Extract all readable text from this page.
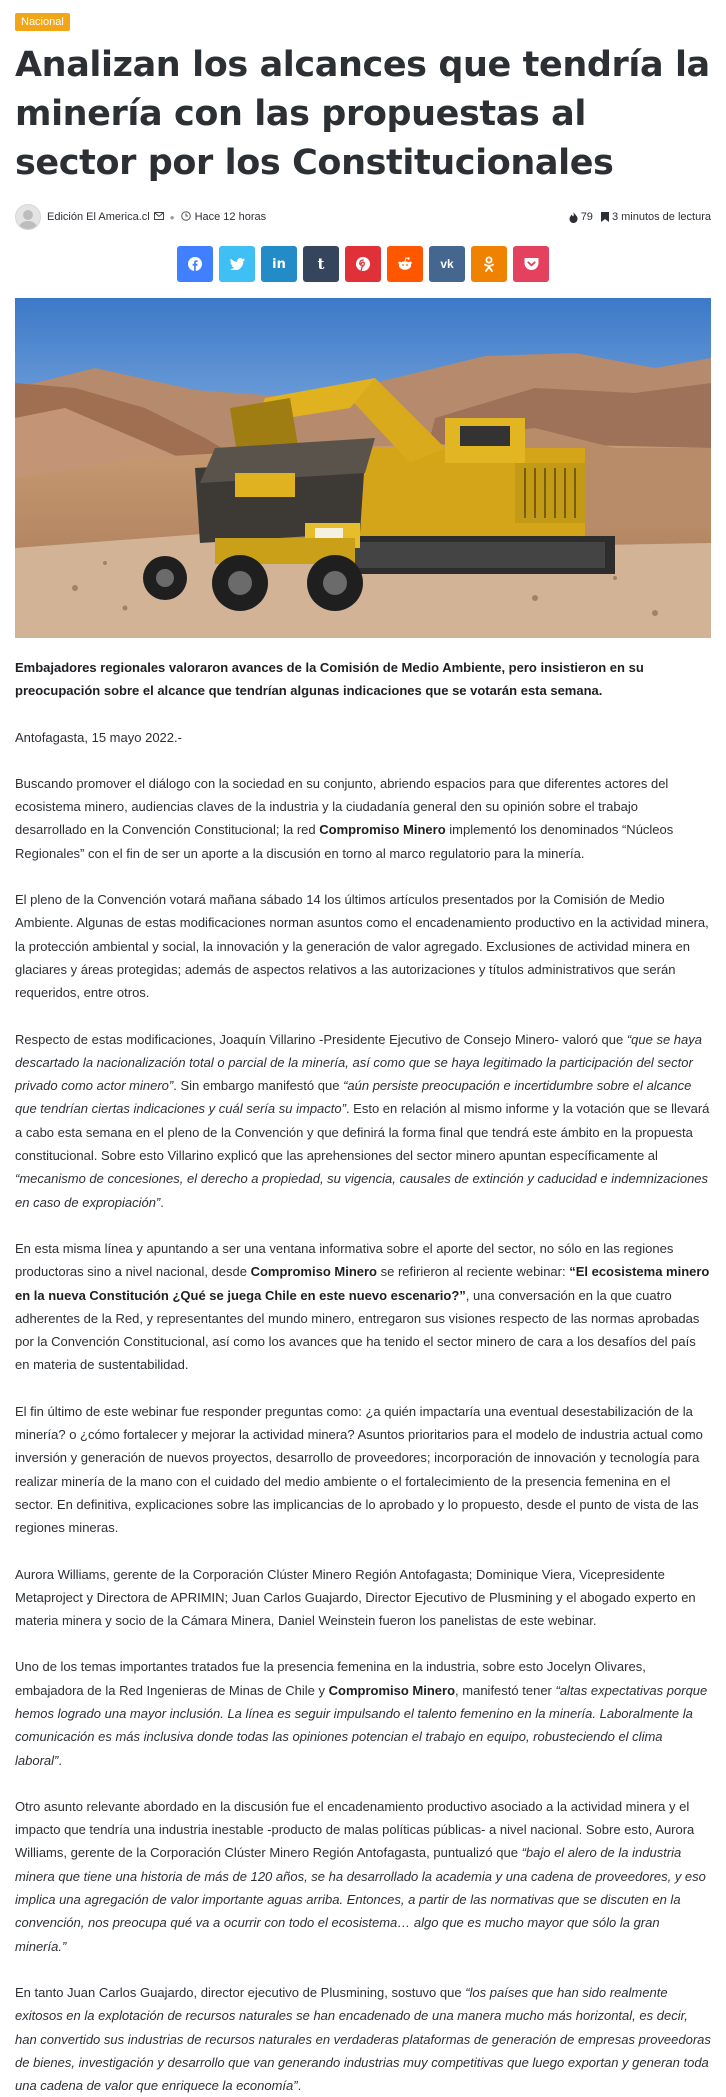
Nacional
Analizan los alcances que tendría la minería con las propuestas al sector por los Constitucionales
Edición El America.cl	● Hace 12 horas	79 3 minutos de lectura
in t	vk

Embajadores regionales valoraron avances de la Comisión de Medio Ambiente, pero insistieron en su preocupación sobre el alcance que tendrían algunas indicaciones que se votarán esta semana.

Antofagasta, 15 mayo 2022.-

Buscando promover el diálogo con la sociedad en su conjunto, abriendo espacios para que diferentes actores del ecosistema minero, audiencias claves de la industria y la ciudadanía general den su opinión sobre el trabajo desarrollado en la Convención Constitucional; la red Compromiso Minero implementó los denominados “Núcleos Regionales” con el fin de ser un aporte a la discusión en torno al marco regulatorio para la minería.

El pleno de la Convención votará mañana sábado 14 los últimos artículos presentados por la Comisión de Medio Ambiente. Algunas de estas modificaciones norman asuntos como el encadenamiento productivo en la actividad minera, la protección ambiental y social, la innovación y la generación de valor agregado. Exclusiones de actividad minera en glaciares y áreas protegidas; además de aspectos relativos a las autorizaciones y títulos administrativos que serán requeridos, entre otros.

Respecto de estas modificaciones, Joaquín Villarino -Presidente Ejecutivo de Consejo Minero- valoró que “que se haya descartado la nacionalización total o parcial de la minería, así como que se haya legitimado la participación del sector privado como actor minero”. Sin embargo manifestó que “aún persiste preocupación e incertidumbre sobre el alcance que tendrían ciertas indicaciones y cuál sería su impacto”. Esto en relación al mismo informe y la votación que se llevará a cabo esta semana en el pleno de la Convención y que definirá la forma final que tendrá este ámbito en la propuesta constitucional. Sobre esto Villarino explicó que las aprehensiones del sector minero apuntan específicamente al “mecanismo de concesiones, el derecho a propiedad, su vigencia, causales de extinción y caducidad e indemnizaciones en caso de expropiación”.

En esta misma línea y apuntando a ser una ventana informativa sobre el aporte del sector, no sólo en las regiones productoras sino a nivel nacional, desde Compromiso Minero se refirieron al reciente webinar: “El ecosistema minero en la nueva Constitución ¿Qué se juega Chile en este nuevo escenario?”, una conversación en la que cuatro adherentes de la Red, y representantes del mundo minero, entregaron sus visiones respecto de las normas aprobadas por la Convención Constitucional, así como los avances que ha tenido el sector minero de cara a los desafíos del país en materia de sustentabilidad.

El fin último de este webinar fue responder preguntas como: ¿a quién impactaría una eventual desestabilización de la minería? o ¿cómo fortalecer y mejorar la actividad minera? Asuntos prioritarios para el modelo de industria actual como inversión y generación de nuevos proyectos, desarrollo de proveedores; incorporación de innovación y tecnología para realizar minería de la mano con el cuidado del medio ambiente o el fortalecimiento de la presencia femenina en el sector. En definitiva, explicaciones sobre las implicancias de lo aprobado y lo propuesto, desde el punto de vista de las regiones mineras.

Aurora Williams, gerente de la Corporación Clúster Minero Región Antofagasta; Dominique Viera, Vicepresidente Metaproject y Directora de APRIMIN; Juan Carlos Guajardo, Director Ejecutivo de Plusmining y el abogado experto en materia minera y socio de la Cámara Minera, Daniel Weinstein fueron los panelistas de este webinar.

Uno de los temas importantes tratados fue la presencia femenina en la industria, sobre esto Jocelyn Olivares, embajadora de la Red Ingenieras de Minas de Chile y Compromiso Minero, manifestó tener “altas expectativas porque hemos logrado una mayor inclusión. La línea es seguir impulsando el talento femenino en la minería. Laboralmente la comunicación es más inclusiva donde todas las opiniones potencian el trabajo en equipo, robusteciendo el clima laboral”.

Otro asunto relevante abordado en la discusión fue el encadenamiento productivo asociado a la actividad minera y el impacto que tendría una industria inestable -producto de malas políticas públicas- a nivel nacional. Sobre esto, Aurora Williams, gerente de la Corporación Clúster Minero Región Antofagasta, puntualizó que “bajo el alero de la industria minera que tiene una historia de más de 120 años, se ha desarrollado la academia y una cadena de proveedores, y eso implica una agregación de valor importante aguas arriba. Entonces, a partir de las normativas que se discuten en la convención, nos preocupa qué va a ocurrir con todo el ecosistema… algo que es mucho mayor que sólo la gran minería.”

En tanto Juan Carlos Guajardo, director ejecutivo de Plusmining, sostuvo que “los países que han sido realmente exitosos en la explotación de recursos naturales se han encadenado de una manera mucho más horizontal, es decir, han convertido sus industrias de recursos naturales en verdaderas plataformas de generación de empresas proveedoras de bienes, investigación y desarrollo que van generando industrias muy competitivas que luego exportan y generan toda una cadena de valor que enriquece la economía”.
